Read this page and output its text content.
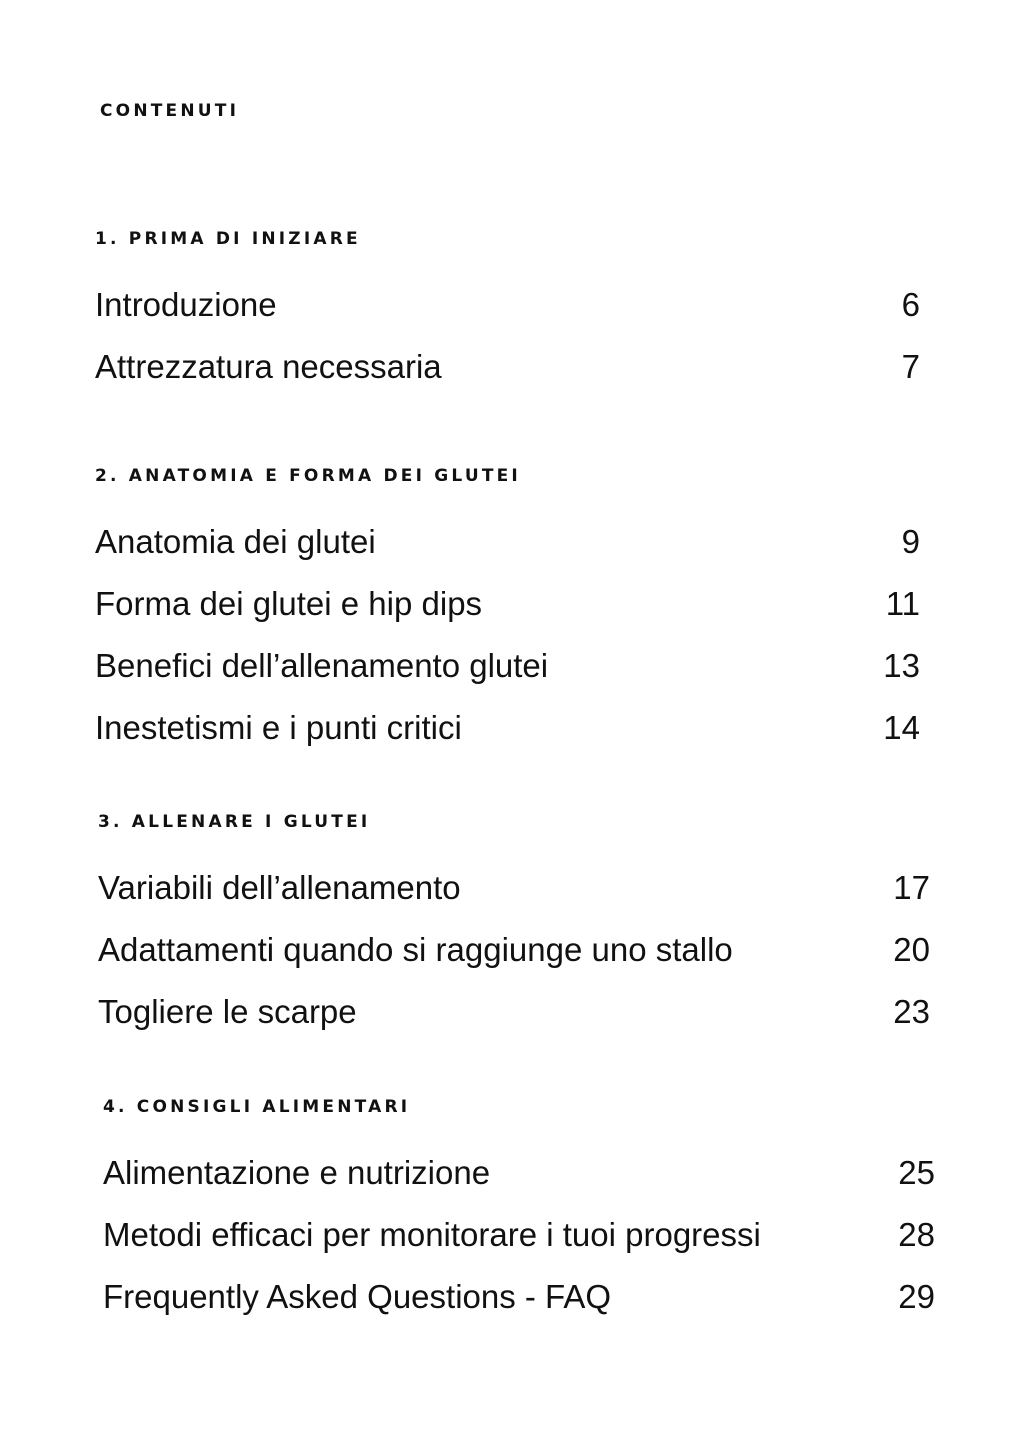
CONTENUTI
1. PRIMA DI INIZIARE
Introduzione	6
Attrezzatura necessaria	7
2. ANATOMIA E FORMA DEI GLUTEI
Anatomia dei glutei	9
Forma dei glutei e hip dips	11
Benefici dell’allenamento glutei	13
Inestetismi e i punti critici	14
3. ALLENARE I GLUTEI
Variabili dell’allenamento	17
Adattamenti quando si raggiunge uno stallo	20
Togliere le scarpe	23
4. CONSIGLI ALIMENTARI
Alimentazione e nutrizione	25
Metodi efficaci per monitorare i tuoi progressi	28
Frequently Asked Questions - FAQ	29
